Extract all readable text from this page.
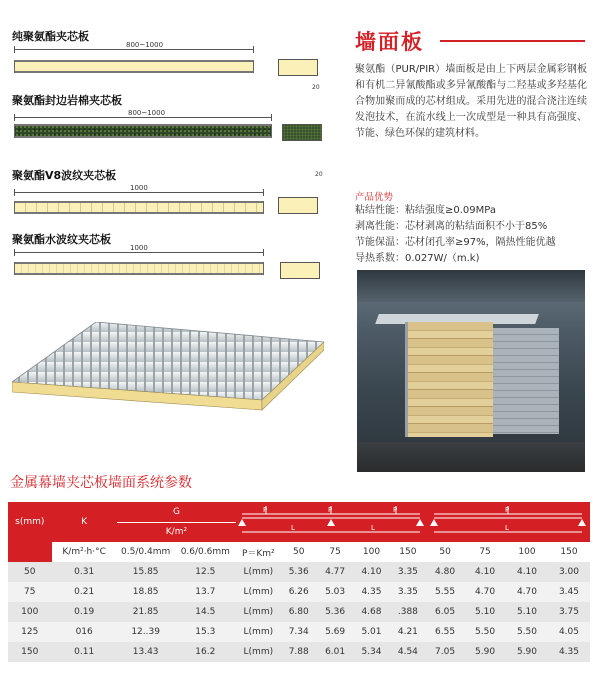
纯聚氨酯夹芯板
800~1000
20
聚氨酯封边岩棉夹芯板
800~1000
20
聚氨酯V8波纹夹芯板
1000
聚氨酯水波纹夹芯板
1000
墙面板
聚氨酯（PUR/PIR）墙面板是由上下两层金属彩钢板和有机二异氰酸酯或多异氰酸酯与二羟基或多羟基化合物加聚而成的芯材组成。采用先进的混合浇注连续发泡技术，在流水线上一次成型是一种具有高强度、节能、绿色环保的建筑材料。
产品优势
粘结性能：粘结强度≥0.09MPa
剥离性能：芯材剥离的粘结面积不小于85%
节能保温：芯材闭孔率≥97%，隔热性能优越
导热系数：0.027W/（m.k)
金属幕墙夹芯板墙面系统参数
s(mm)	K	G		P P P
L L					P
L			

		K/m²										
	K/m²·h·°C	0.5/0.4mm	0.6/0.6mm	P＝Km²	50	75	100	150	50	75	100	150
50	0.31	15.85	12.5	L(mm)	5.36	4.77	4.10	3.35	4.80	4.10	4.10	3.00
75	0.21	18.85	13.7	L(mm)	6.26	5.03	4.35	3.35	5.55	4.70	4.70	3.45
100	0.19	21.85	14.5	L(mm)	6.80	5.36	4.68	.388	6.05	5.10	5.10	3.75
125	016	12..39	15.3	L(mm)	7.34	5.69	5.01	4.21	6.55	5.50	5.50	4.05
150	0.11	13.43	16.2	L(mm)	7.88	6.01	5.34	4.54	7.05	5.90	5.90	4.35
